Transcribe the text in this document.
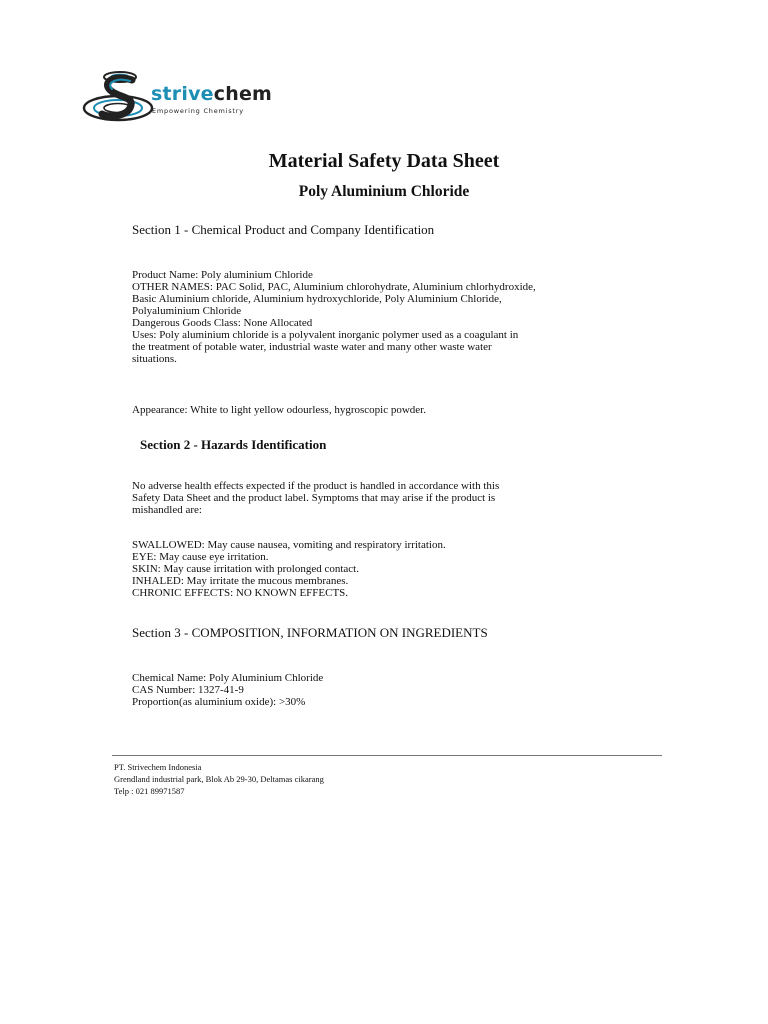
strivechem
Empowering Chemistry
Material Safety Data Sheet
Poly Aluminium Chloride
Section 1 - Chemical Product and Company Identification
Product Name: Poly aluminium Chloride
OTHER NAMES: PAC Solid, PAC, Aluminium chlorohydrate, Aluminium chlorhydroxide,
Basic Aluminium chloride, Aluminium hydroxychloride, Poly Aluminium Chloride,
Polyaluminium Chloride
Dangerous Goods Class: None Allocated
Uses: Poly aluminium chloride is a polyvalent inorganic polymer used as a coagulant in
the treatment of potable water, industrial waste water and many other waste water
situations.
Appearance: White to light yellow odourless, hygroscopic powder.
Section 2 - Hazards Identification
No adverse health effects expected if the product is handled in accordance with this
Safety Data Sheet and the product label. Symptoms that may arise if the product is
mishandled are:
SWALLOWED: May cause nausea, vomiting and respiratory irritation.
EYE: May cause eye irritation.
SKIN: May cause irritation with prolonged contact.
INHALED: May irritate the mucous membranes.
CHRONIC EFFECTS: NO KNOWN EFFECTS.
Section 3 - COMPOSITION, INFORMATION ON INGREDIENTS
Chemical Name: Poly Aluminium Chloride
CAS Number: 1327-41-9
Proportion(as aluminium oxide): >30%
PT. Strivechem Indonesia
Grendland industrial park, Blok Ab 29-30, Deltamas cikarang
Telp : 021 89971587
